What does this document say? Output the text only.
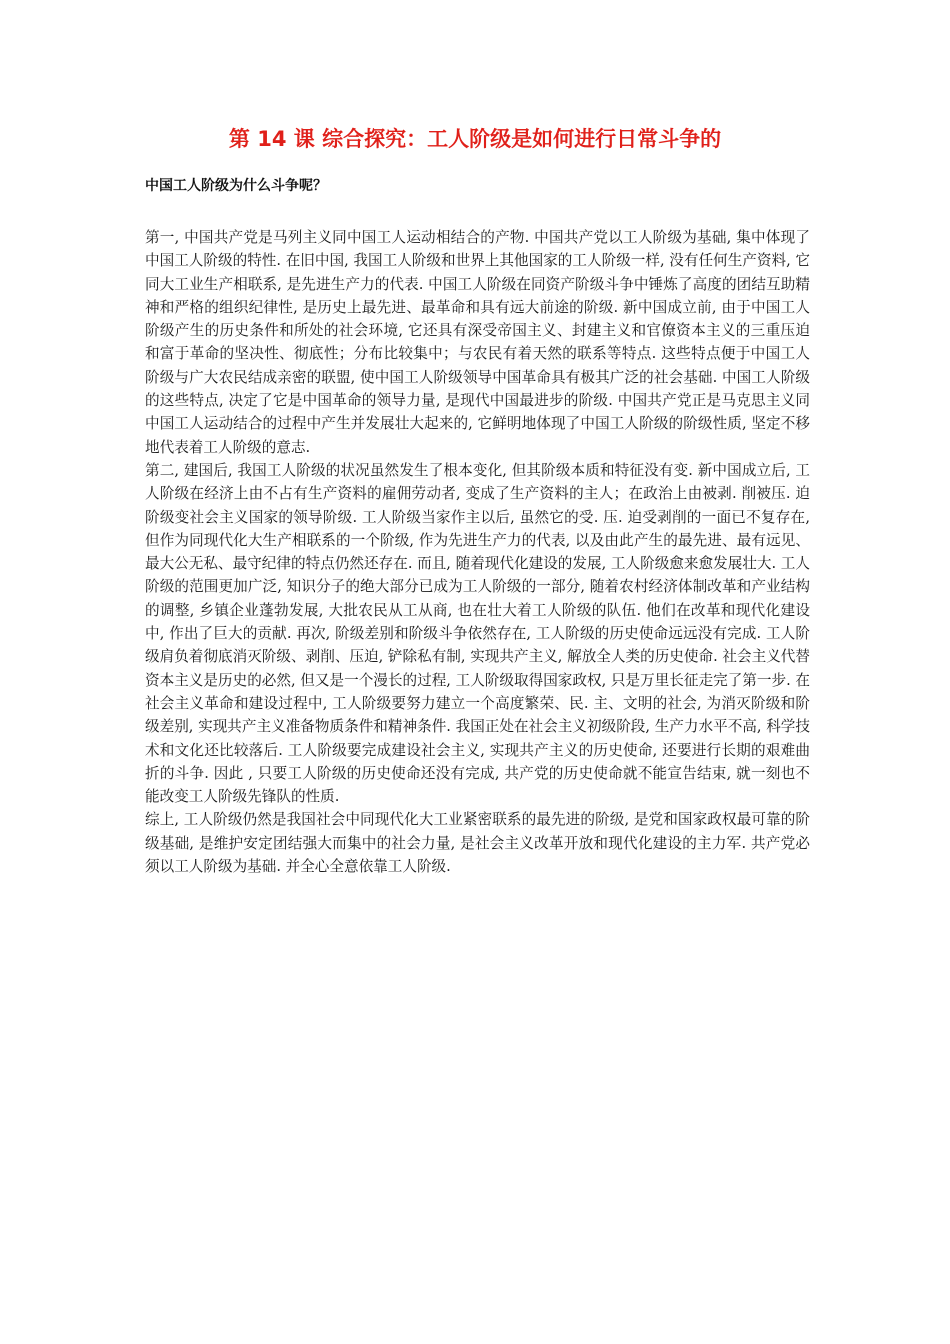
第 14 课 综合探究：工人阶级是如何进行日常斗争的
中国工人阶级为什么斗争呢？

第一, 中国共产党是马列主义同中国工人运动相结合的产物. 中国共产党以工人阶级为基础, 集中体现了中国工人阶级的特性. 在旧中国, 我国工人阶级和世界上其他国家的工人阶级一样, 没有任何生产资料, 它同大工业生产相联系, 是先进生产力的代表. 中国工人阶级在同资产阶级斗争中锤炼了高度的团结互助精神和严格的组织纪律性, 是历史上最先进、最革命和具有远大前途的阶级. 新中国成立前, 由于中国工人阶级产生的历史条件和所处的社会环境, 它还具有深受帝国主义、封建主义和官僚资本主义的三重压迫和富于革命的坚决性、彻底性；分布比较集中；与农民有着天然的联系等特点. 这些特点便于中国工人阶级与广大农民结成亲密的联盟, 使中国工人阶级领导中国革命具有极其广泛的社会基础. 中国工人阶级的这些特点, 决定了它是中国革命的领导力量, 是现代中国最进步的阶级. 中国共产党正是马克思主义同中国工人运动结合的过程中产生并发展壮大起来的, 它鲜明地体现了中国工人阶级的阶级性质, 坚定不移地代表着工人阶级的意志.

第二, 建国后, 我国工人阶级的状况虽然发生了根本变化, 但其阶级本质和特征没有变. 新中国成立后, 工人阶级在经济上由不占有生产资料的雇佣劳动者, 变成了生产资料的主人；在政治上由被剥. 削被压. 迫阶级变社会主义国家的领导阶级. 工人阶级当家作主以后, 虽然它的受. 压. 迫受剥削的一面已不复存在, 但作为同现代化大生产相联系的一个阶级, 作为先进生产力的代表, 以及由此产生的最先进、最有远见、最大公无私、最守纪律的特点仍然还存在. 而且, 随着现代化建设的发展, 工人阶级愈来愈发展壮大. 工人阶级的范围更加广泛, 知识分子的绝大部分已成为工人阶级的一部分, 随着农村经济体制改革和产业结构的调整, 乡镇企业蓬勃发展, 大批农民从工从商, 也在壮大着工人阶级的队伍. 他们在改革和现代化建设中, 作出了巨大的贡献. 再次, 阶级差别和阶级斗争依然存在, 工人阶级的历史使命远远没有完成. 工人阶级肩负着彻底消灭阶级、剥削、压迫, 铲除私有制, 实现共产主义, 解放全人类的历史使命. 社会主义代替资本主义是历史的必然, 但又是一个漫长的过程, 工人阶级取得国家政权, 只是万里长征走完了第一步. 在社会主义革命和建设过程中, 工人阶级要努力建立一个高度繁荣、民. 主、文明的社会, 为消灭阶级和阶级差别, 实现共产主义准备物质条件和精神条件. 我国正处在社会主义初级阶段, 生产力水平不高, 科学技术和文化还比较落后. 工人阶级要完成建设社会主义, 实现共产主义的历史使命, 还要进行长期的艰难曲折的斗争. 因此 , 只要工人阶级的历史使命还没有完成, 共产党的历史使命就不能宣告结束, 就一刻也不能改变工人阶级先锋队的性质.

综上, 工人阶级仍然是我国社会中同现代化大工业紧密联系的最先进的阶级, 是党和国家政权最可靠的阶级基础, 是维护安定团结强大而集中的社会力量, 是社会主义改革开放和现代化建设的主力军. 共产党必须以工人阶级为基础. 并全心全意依靠工人阶级.
